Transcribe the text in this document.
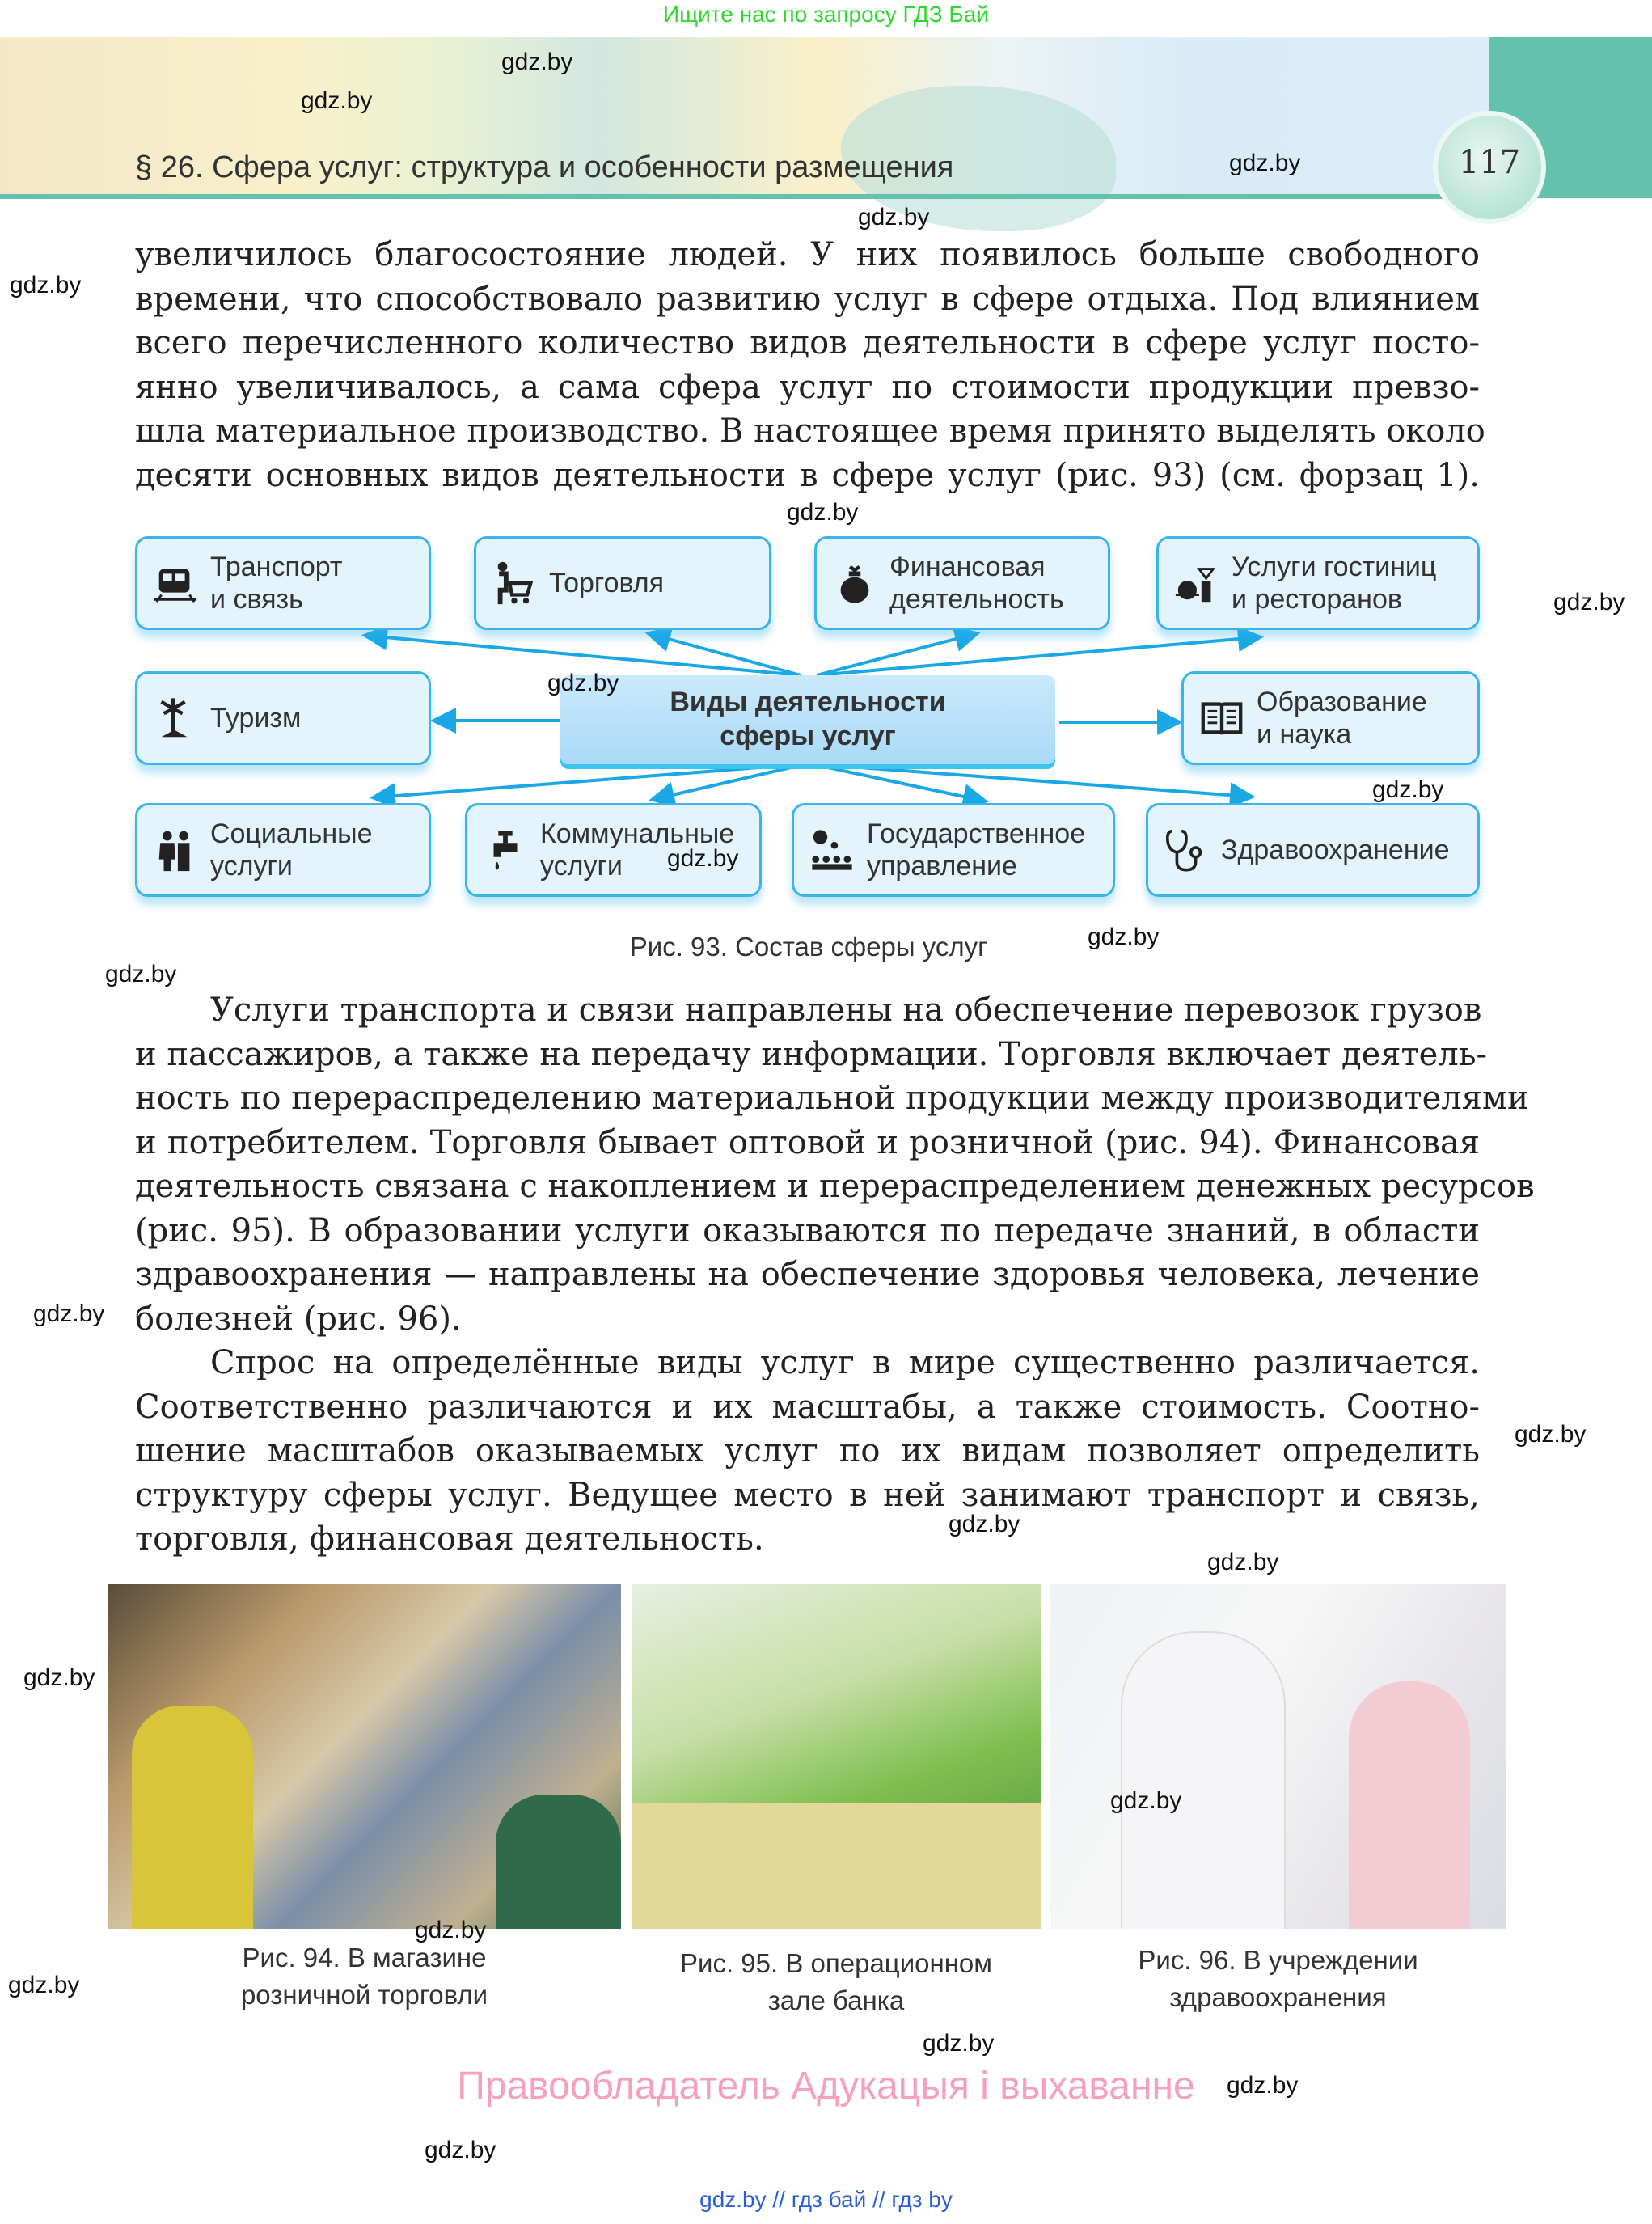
Ищите нас по запросу ГДЗ Бай
§ 26. Сфера услуг: структура и особенности размещения	117
увеличилось благосостояние людей. У них появилось больше свободного
времени, что способствовало развитию услуг в сфере отдыха. Под влиянием
всего перечисленного количество видов деятельности в сфере услуг посто-
янно увеличивалось, а сама сфера услуг по стоимости продукции превзо-
шла материальное производство. В настоящее время принято выделять около
десяти основных видов деятельности в сфере услуг (рис. 93) (см. форзац 1).
Транспорт
и связь
Торговля
Финансовая
деятельность
Услуги гостиниц
и ресторанов
Туризм
Виды деятельности
сферы услуг
Образование
и наука
Социальные
услуги
Коммунальные
услуги
Государственное
управление
Здравоохранение
Рис. 93. Состав сферы услуг
Услуги транспорта и связи направлены на обеспечение перевозок грузов
и пассажиров, а также на передачу информации. Торговля включает деятель-
ность по перераспределению материальной продукции между производителями
и потребителем. Торговля бывает оптовой и розничной (рис. 94). Финансовая
деятельность связана с накоплением и перераспределением денежных ресурсов
(рис. 95). В образовании услуги оказываются по передаче знаний, в области
здравоохранения — направлены на обеспечение здоровья человека, лечение
болезней (рис. 96).
Спрос на определённые виды услуг в мире существенно различается.
Соответственно различаются и их масштабы, а также стоимость. Соотно-
шение масштабов оказываемых услуг по их видам позволяет определить
структуру сферы услуг. Ведущее место в ней занимают транспорт и связь,
торговля, финансовая деятельность.
Рис. 94. В магазине
розничной торговли
Рис. 95. В операционном
зале банка
Рис. 96. В учреждении
здравоохранения
Правообладатель Адукацыя і выхаванне
gdz.by // гдз бай // гдз by
gdz.by
gdz.by
gdz.by
gdz.by
gdz.by
gdz.by
gdz.by
gdz.by
gdz.by
gdz.by
gdz.by
gdz.by
gdz.by
gdz.by
gdz.by
gdz.by
gdz.by
gdz.by
gdz.by
gdz.by
gdz.by
gdz.by
gdz.by
